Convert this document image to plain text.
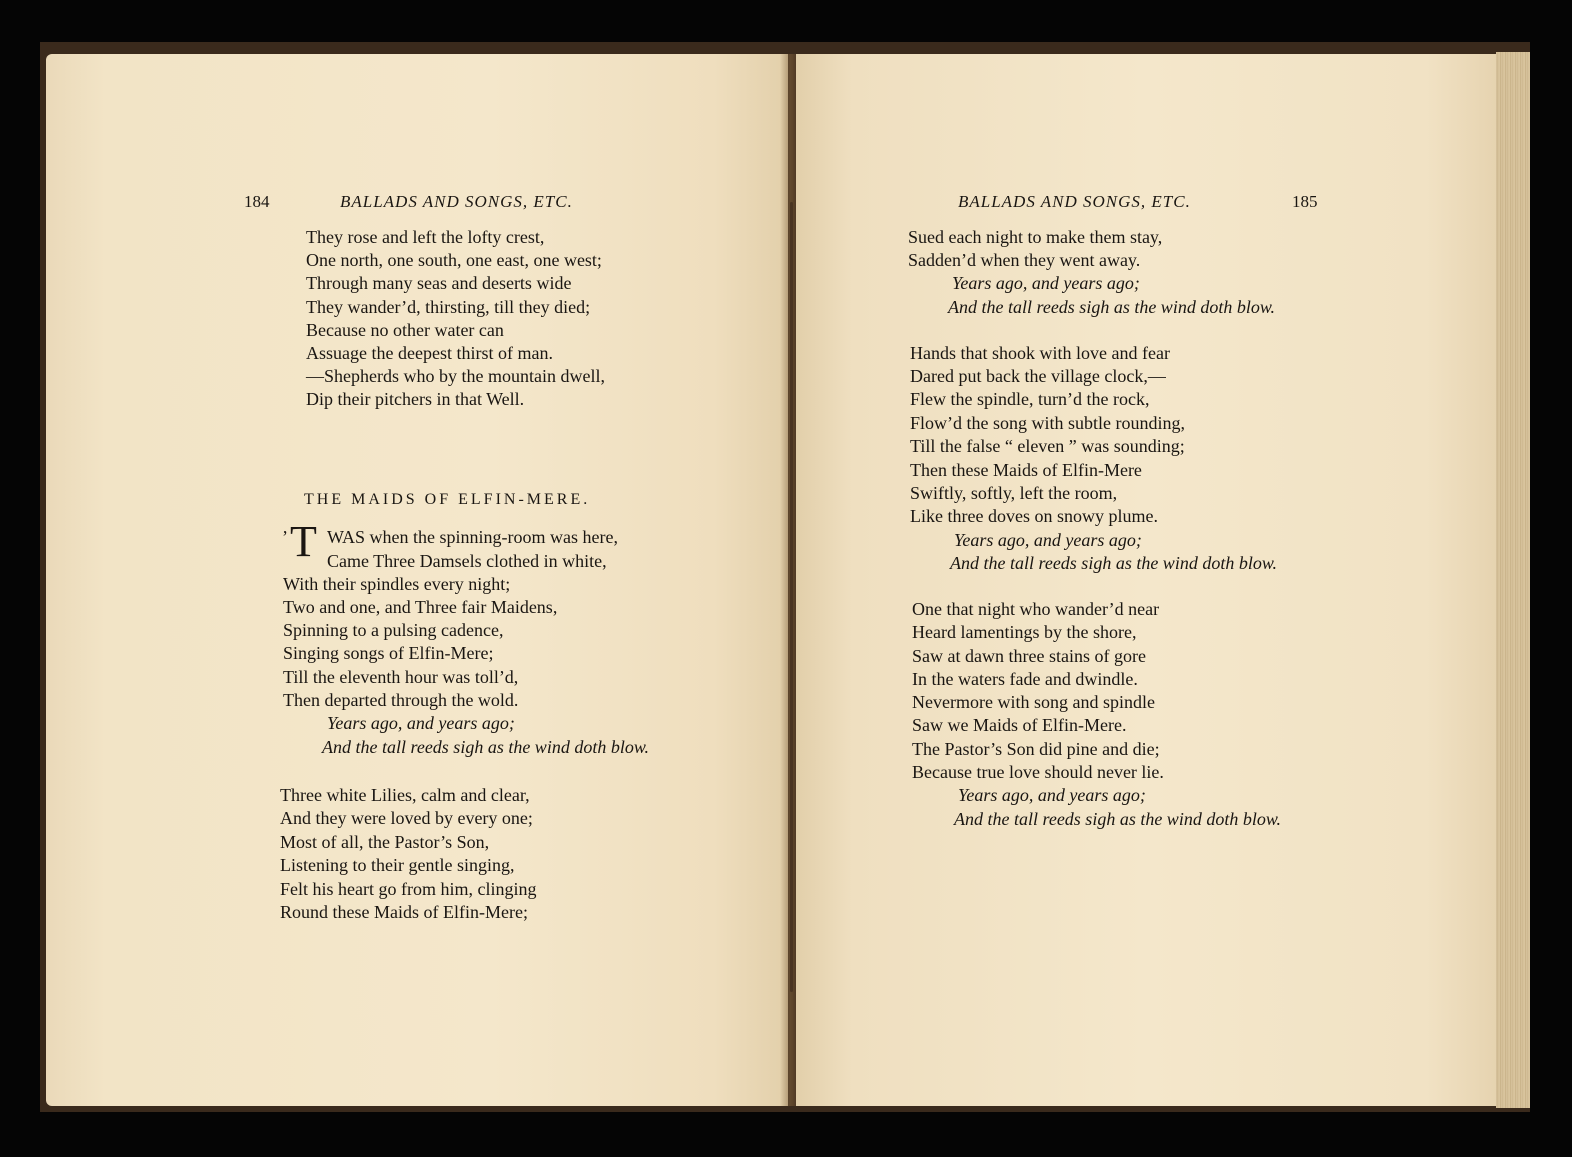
184	BALLADS AND SONGS, ETC.
They rose and left the lofty crest,
One north, one south, one east, one west;
Through many seas and deserts wide
They wander’d, thirsting, till they died;
Because no other water can
Assuage the deepest thirst of man.
—Shepherds who by the mountain dwell,
Dip their pitchers in that Well.
THE MAIDS OF ELFIN-MERE.
’ T WAS when the spinning-room was here,
Came Three Damsels clothed in white,
With their spindles every night;
Two and one, and Three fair Maidens,
Spinning to a pulsing cadence,
Singing songs of Elfin-Mere;
Till the eleventh hour was toll’d,
Then departed through the wold.
Years ago, and years ago;
And the tall reeds sigh as the wind doth blow.
Three white Lilies, calm and clear,
And they were loved by every one;
Most of all, the Pastor’s Son,
Listening to their gentle singing,
Felt his heart go from him, clinging
Round these Maids of Elfin-Mere;
BALLADS AND SONGS, ETC.	185
Sued each night to make them stay,
Sadden’d when they went away.
Years ago, and years ago;
And the tall reeds sigh as the wind doth blow.
Hands that shook with love and fear
Dared put back the village clock,—
Flew the spindle, turn’d the rock,
Flow’d the song with subtle rounding,
Till the false “ eleven ” was sounding;
Then these Maids of Elfin-Mere
Swiftly, softly, left the room,
Like three doves on snowy plume.
Years ago, and years ago;
And the tall reeds sigh as the wind doth blow.
One that night who wander’d near
Heard lamentings by the shore,
Saw at dawn three stains of gore
In the waters fade and dwindle.
Nevermore with song and spindle
Saw we Maids of Elfin-Mere.
The Pastor’s Son did pine and die;
Because true love should never lie.
Years ago, and years ago;
And the tall reeds sigh as the wind doth blow.
